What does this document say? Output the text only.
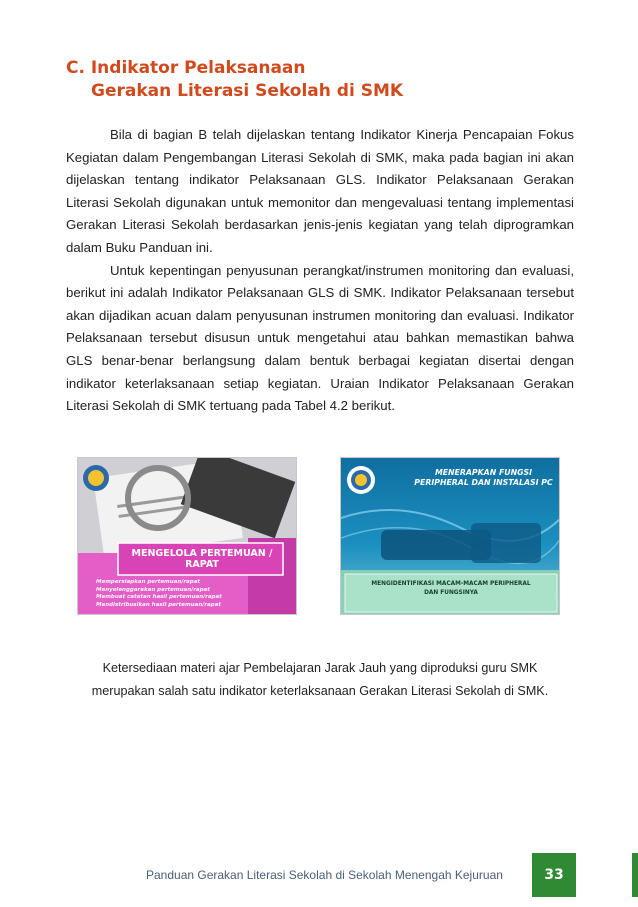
C. Indikator Pelaksanaan
Gerakan Literasi Sekolah di SMK

Bila di bagian B telah dijelaskan tentang Indikator Kinerja Pencapaian Fokus Kegiatan dalam Pengembangan Literasi Sekolah di SMK, maka pada bagian ini akan dijelaskan tentang indikator Pelaksanaan GLS. Indikator Pelaksanaan Gerakan Literasi Sekolah digunakan untuk memonitor dan mengevaluasi tentang implementasi Gerakan Literasi Sekolah berdasarkan jenis-jenis kegiatan yang telah diprogramkan dalam Buku Panduan ini.

Untuk kepentingan penyusunan perangkat/instrumen monitoring dan evaluasi, berikut ini adalah Indikator Pelaksanaan GLS di SMK. Indikator Pelaksanaan tersebut akan dijadikan acuan dalam penyusunan instrumen monitoring dan evaluasi. Indikator Pelaksanaan tersebut disusun untuk mengetahui atau bahkan memastikan bahwa GLS benar-benar berlangsung dalam bentuk berbagai kegiatan disertai dengan indikator keterlaksanaan setiap kegiatan. Uraian Indikator Pelaksanaan Gerakan Literasi Sekolah di SMK tertuang pada Tabel 4.2 berikut.

MENGELOLA PERTEMUAN /
RAPAT
Mempersiapkan pertemuan/rapat
Menyelenggarakan pertemuan/rapat
Membuat catatan hasil pertemuan/rapat
Mendistribusikan hasil pertemuan/rapat
MENERAPKAN FUNGSI
PERIPHERAL DAN INSTALASI PC
MENGIDENTIFIKASI MACAM-MACAM PERIPHERAL
DAN FUNGSINYA
Ketersediaan materi ajar Pembelajaran Jarak Jauh yang diproduksi guru SMK
merupakan salah satu indikator keterlaksanaan Gerakan Literasi Sekolah di SMK.
Panduan Gerakan Literasi Sekolah di Sekolah Menengah Kejuruan	33
